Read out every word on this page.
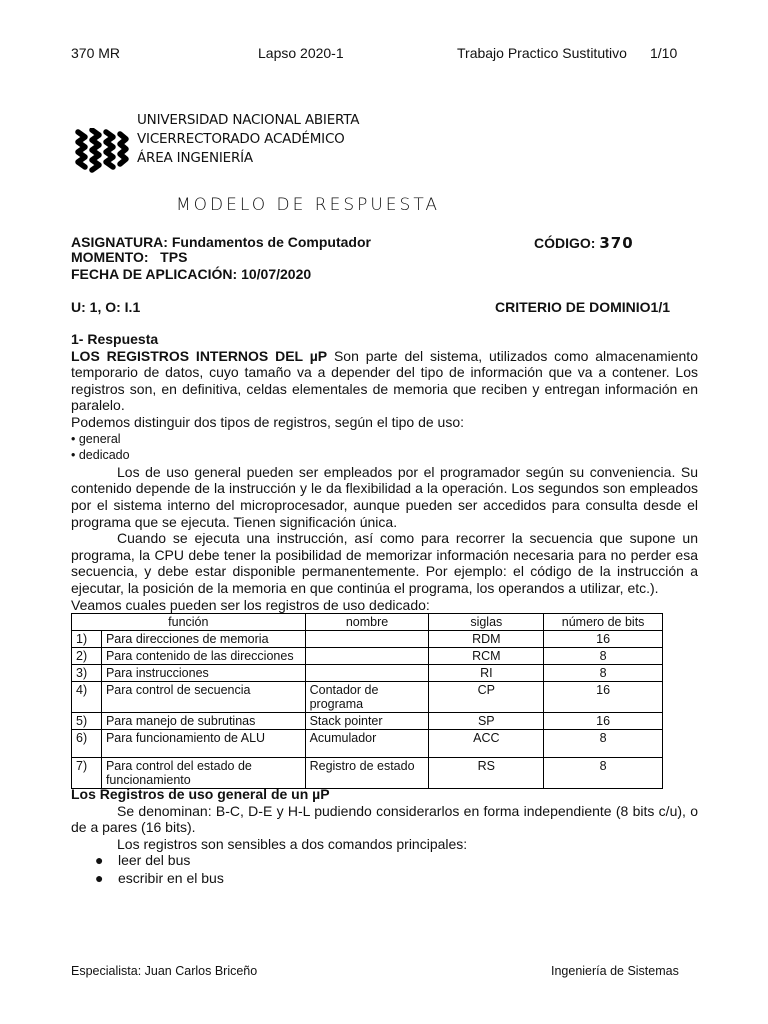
370 MR	Lapso 2020-1	Trabajo Practico Sustitutivo 1/10
UNIVERSIDAD NACIONAL ABIERTA
VICERRECTORADO ACADÉMICO
ÁREA INGENIERÍA
MODELO DE RESPUESTA
ASIGNATURA: Fundamentos de Computador	CÓDIGO: 370
MOMENTO:   TPS
FECHA DE APLICACIÓN: 10/07/2020
U: 1, O: I.1	CRITERIO DE DOMINIO1/1
1- Respuesta
LOS REGISTROS INTERNOS DEL µP Son parte del sistema, utilizados como almacenamiento temporario de datos, cuyo tamaño va a depender del tipo de información que va a contener. Los registros son, en definitiva, celdas elementales de memoria que reciben y entregan información en paralelo.
Podemos distinguir dos tipos de registros, según el tipo de uso:
• general
• dedicado
Los de uso general pueden ser empleados por el programador según su conveniencia. Su contenido depende de la instrucción y le da flexibilidad a la operación. Los segundos son empleados por el sistema interno del microprocesador, aunque pueden ser accedidos para consulta desde el programa que se ejecuta. Tienen significación única.
Cuando se ejecuta una instrucción, así como para recorrer la secuencia que supone un programa, la CPU debe tener la posibilidad de memorizar información necesaria para no perder esa secuencia, y debe estar disponible permanentemente. Por ejemplo: el código de la instrucción a ejecutar, la posición de la memoria en que continúa el programa, los operandos a utilizar, etc.).
Veamos cuales pueden ser los registros de uso dedicado:
función		nombre	siglas	número de bits
1)	Para direcciones de memoria		RDM	16
2)	Para contenido de las direcciones		RCM	8
3)	Para instrucciones		RI	8
4)	Para control de secuencia	Contador de programa	CP	16
5)	Para manejo de subrutinas	Stack pointer	SP	16
6)	Para funcionamiento de ALU	Acumulador	ACC	8
7)	Para control del estado de funcionamiento	Registro de estado	RS	8
Los Registros de uso general de un µP
Se denominan: B-C, D-E y H-L pudiendo considerarlos en forma independiente (8 bits c/u), o de a pares (16 bits).
Los registros son sensibles a dos comandos principales:
● leer del bus
● escribir en el bus
Especialista: Juan Carlos Briceño	Ingeniería de Sistemas
